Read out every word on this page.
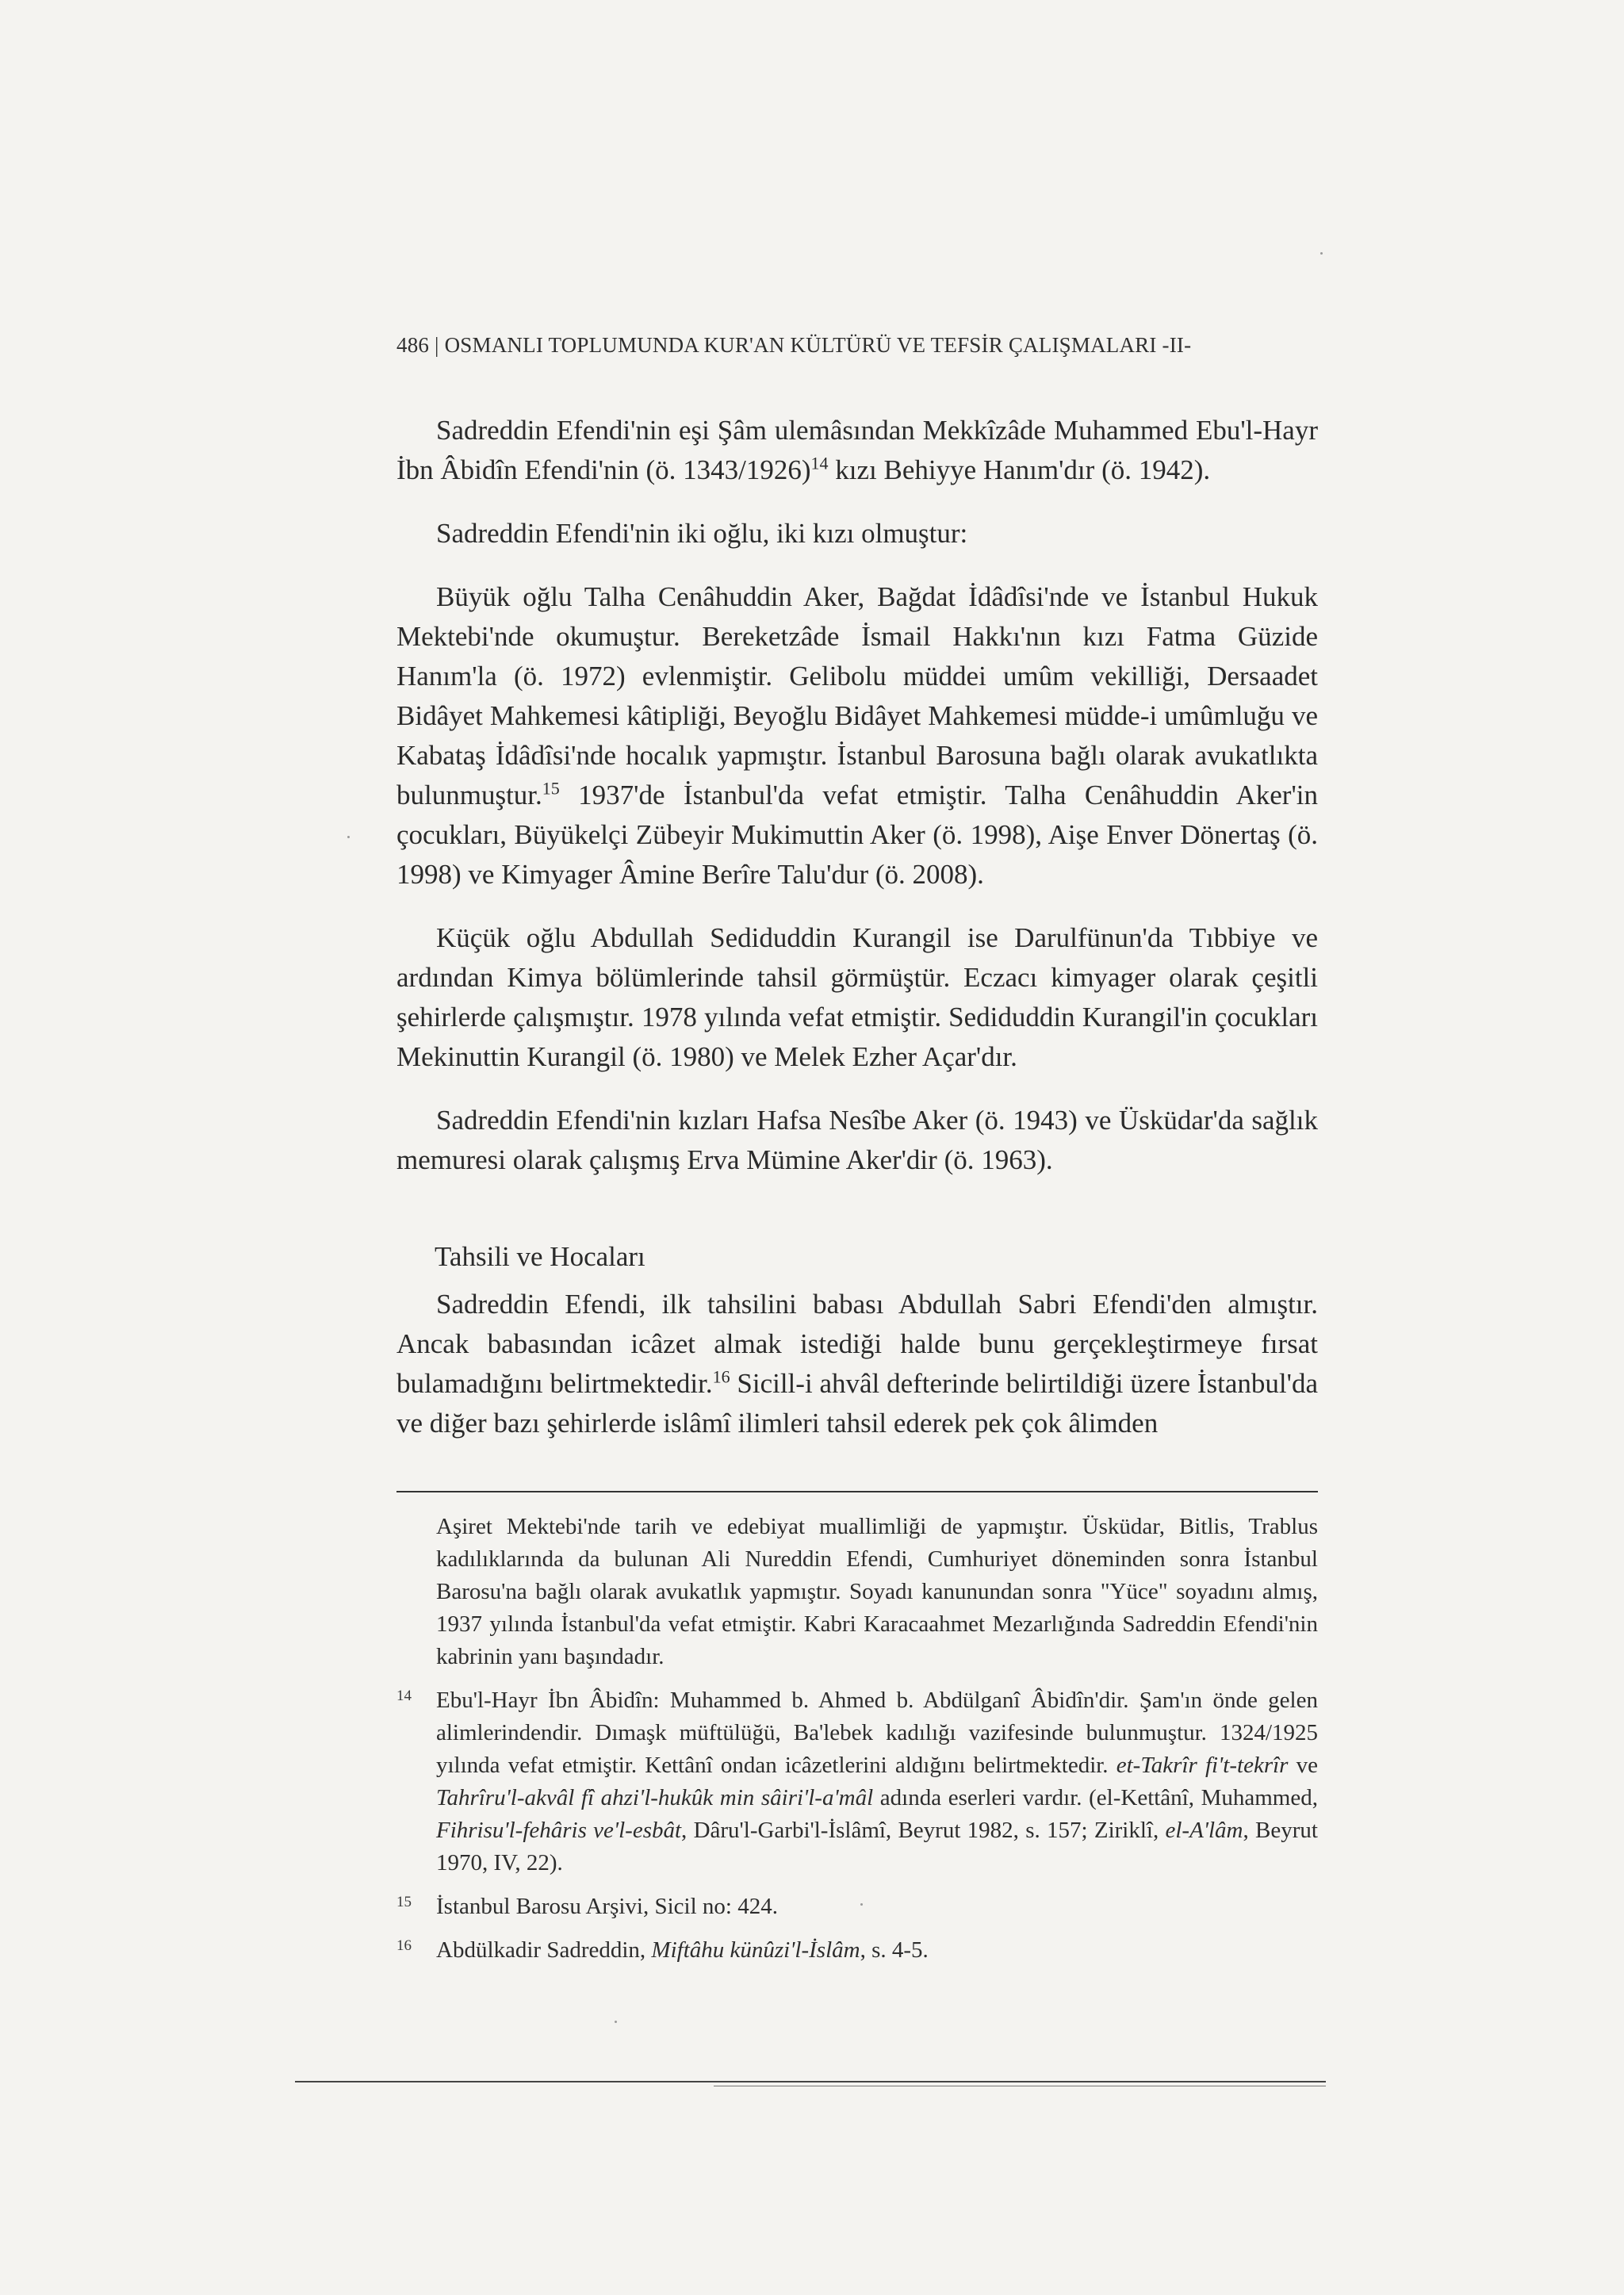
486 | OSMANLI TOPLUMUNDA KUR'AN KÜLTÜRÜ VE TEFSİR ÇALIŞMALARI -II-

Sadreddin Efendi'nin eşi Şâm ulemâsından Mekkîzâde Muhammed Ebu'l-Hayr İbn Âbidîn Efendi'nin (ö. 1343/1926)$^{14}$ kızı Behiyye Hanım'dır (ö. 1942).

Sadreddin Efendi'nin iki oğlu, iki kızı olmuştur:

Büyük oğlu Talha Cenâhuddin Aker, Bağdat İdâdîsi'nde ve İstanbul Hukuk Mektebi'nde okumuştur. Bereketzâde İsmail Hakkı'nın kızı Fatma Güzide Hanım'la (ö. 1972) evlenmiştir. Gelibolu müddei umûm vekilliği, Dersaadet Bidâyet Mahkemesi kâtipliği, Beyoğlu Bidâyet Mahkemesi müdde-i umûmluğu ve Kabataş İdâdîsi'nde hocalık yapmıştır. İstanbul Barosuna bağlı olarak avukatlıkta bulunmuştur.$^{15}$ 1937'de İstanbul'da vefat etmiştir. Talha Cenâhuddin Aker'in çocukları, Büyükelçi Zübeyir Mukimuttin Aker (ö. 1998), Aişe Enver Dönertaş (ö. 1998) ve Kimyager Âmine Berîre Talu'dur (ö. 2008).

Küçük oğlu Abdullah Sediduddin Kurangil ise Darulfünun'da Tıbbiye ve ardından Kimya bölümlerinde tahsil görmüştür. Eczacı kimyager olarak çeşitli şehirlerde çalışmıştır. 1978 yılında vefat etmiştir. Sediduddin Kurangil'in çocukları Mekinuttin Kurangil (ö. 1980) ve Melek Ezher Açar'dır.

Sadreddin Efendi'nin kızları Hafsa Nesîbe Aker (ö. 1943) ve Üsküdar'da sağlık memuresi olarak çalışmış Erva Mümine Aker'dir (ö. 1963).

Tahsili ve Hocaları

Sadreddin Efendi, ilk tahsilini babası Abdullah Sabri Efendi'den almıştır. Ancak babasından icâzet almak istediği halde bunu gerçekleştirmeye fırsat bulamadığını belirtmektedir.$^{16}$ Sicill-i ahvâl defterinde belirtildiği üzere İstanbul'da ve diğer bazı şehirlerde islâmî ilimleri tahsil ederek pek çok âlimden

Aşiret Mektebi'nde tarih ve edebiyat muallimliği de yapmıştır. Üsküdar, Bitlis, Trablus kadılıklarında da bulunan Ali Nureddin Efendi, Cumhuriyet döneminden sonra İstanbul Barosu'na bağlı olarak avukatlık yapmıştır. Soyadı kanunundan sonra "Yüce" soyadını almış, 1937 yılında İstanbul'da vefat etmiştir. Kabri Karacaahmet Mezarlığında Sadreddin Efendi'nin kabrinin yanı başındadır.
14	Ebu'l-Hayr İbn Âbidîn: Muhammed b. Ahmed b. Abdülganî Âbidîn'dir. Şam'ın önde gelen alimlerindendir. Dımaşk müftülüğü, Ba'lebek kadılığı vazifesinde bulunmuştur. 1324/1925 yılında vefat etmiştir. Kettânî ondan icâzetlerini aldığını belirtmektedir. et-Takrîr fi't-tekrîr ve Tahrîru'l-akvâl fî ahzi'l-hukûk min sâiri'l-a'mâl adında eserleri vardır. (el-Kettânî, Muhammed, Fihrisu'l-fehâris ve'l-esbât, Dâru'l-Garbi'l-İslâmî, Beyrut 1982, s. 157; Ziriklî, el-A'lâm, Beyrut 1970, IV, 22).
15	İstanbul Barosu Arşivi, Sicil no: 424.
16	Abdülkadir Sadreddin, Miftâhu künûzi'l-İslâm, s. 4-5.
